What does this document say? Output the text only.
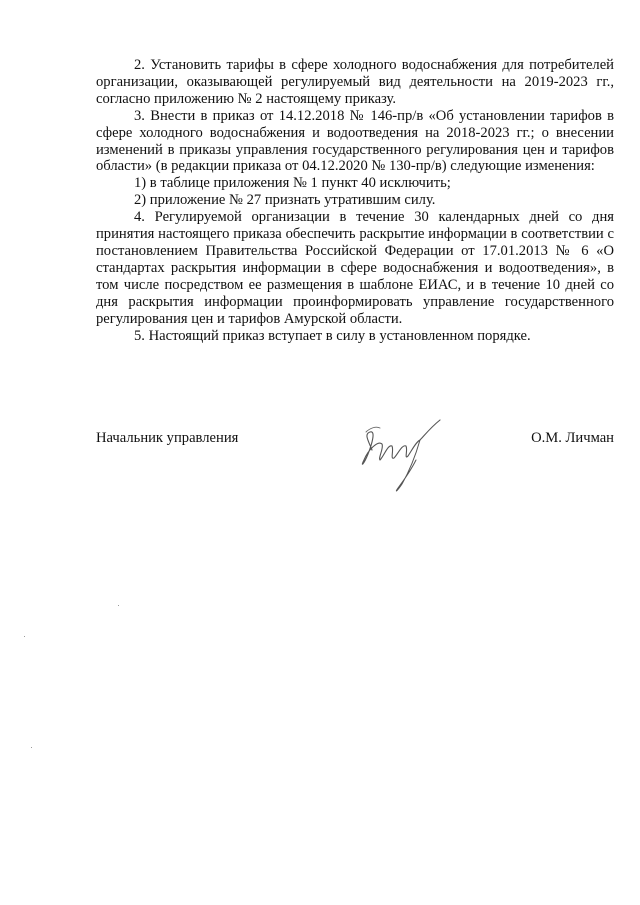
2. Установить тарифы в сфере холодного водоснабжения для потребителей организации, оказывающей регулируемый вид деятельности на 2019-2023 гг., согласно приложению № 2 настоящему приказу.

3. Внести в приказ от 14.12.2018 № 146-пр/в «Об установлении тарифов в сфере холодного водоснабжения и водоотведения на 2018-2023 гг.; о внесении изменений в приказы управления государственного регулирования цен и тарифов области» (в редакции приказа от 04.12.2020 № 130-пр/в) следующие изменения:

1) в таблице приложения № 1 пункт 40 исключить;

2) приложение № 27 признать утратившим силу.

4. Регулируемой организации в течение 30 календарных дней со дня принятия настоящего приказа обеспечить раскрытие информации в соответствии с постановлением Правительства Российской Федерации от 17.01.2013 № 6 «О стандартах раскрытия информации в сфере водоснабжения и водоотведения», в том числе посредством ее размещения в шаблоне ЕИАС, и в течение 10 дней со дня раскрытия информации проинформировать управление государственного регулирования цен и тарифов Амурской области.

5. Настоящий приказ вступает в силу в установленном порядке.

Начальник управления	О.М. Личман
